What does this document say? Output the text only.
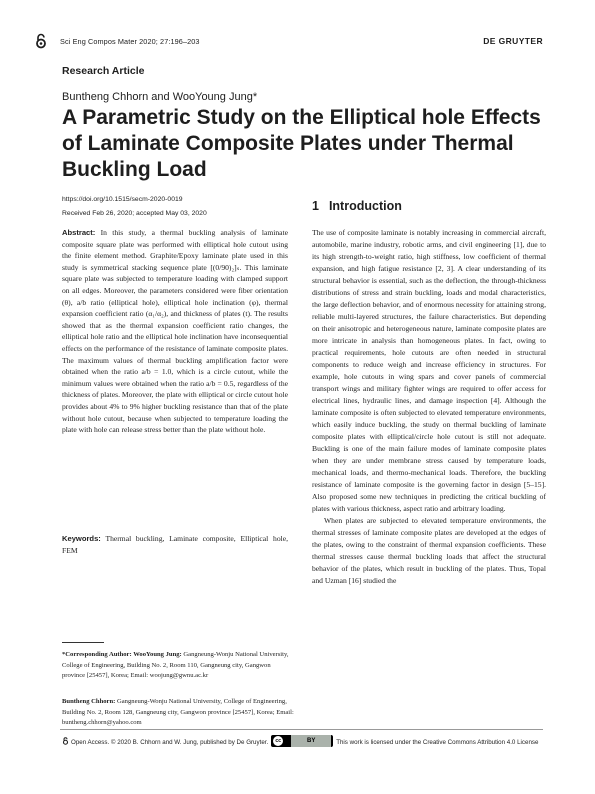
Sci Eng Compos Mater 2020; 27:196–203	DE GRUYTER
Research Article
Buntheng Chhorn and WooYoung Jung*
A Parametric Study on the Elliptical hole Effects of Laminate Composite Plates under Thermal Buckling Load
https://doi.org/10.1515/secm-2020-0019
Received Feb 26, 2020; accepted May 03, 2020

Abstract: In this study, a thermal buckling analysis of laminate composite square plate was performed with elliptical hole cutout using the finite element method. Graphite/Epoxy laminate plate used in this study is symmetrical stacking sequence plate [(0/90)₂]ₛ. This laminate square plate was subjected to temperature loading with clamped support on all edges. Moreover, the parameters considered were fiber orientation (θ), a/b ratio (elliptical hole), elliptical hole inclination (φ), thermal expansion coefficient ratio (α₁/α₂), and thickness of plates (t). The results showed that as the thermal expansion coefficient ratio changes, the elliptical hole ratio and the elliptical hole inclination have inconsequential effects on the performance of the resistance of laminate composite plates. The maximum values of thermal buckling amplification factor were obtained when the ratio a/b = 1.0, which is a circle cutout, while the minimum values were obtained when the ratio a/b = 0.5, regardless of the thickness of plates. Moreover, the plate with elliptical or circle cutout hole provides about 4% to 9% higher buckling resistance than that of the plate without hole cutout, because when subjected to temperature loading the plate with hole can release stress better than the plate without hole.

Keywords: Thermal buckling, Laminate composite, Elliptical hole, FEM

*Corresponding Author: WooYoung Jung: Gangneung-Wonju National University, College of Engineering, Building No. 2, Room 110, Gangneung city, Gangwon province [25457], Korea; Email: woojung@gwnu.ac.kr

Buntheng Chhorn: Gangneung-Wonju National University, College of Engineering, Building No. 2, Room 128, Gangneung city, Gangwon province [25457], Korea; Email: buntheng.chhorn@yahoo.com

1 Introduction

The use of composite laminate is notably increasing in commercial aircraft, automobile, marine industry, robotic arms, and civil engineering [1], due to its high strength-to-weight ratio, high stiffness, low coefficient of thermal expansion, and high fatigue resistance [2, 3]. A clear understanding of its structural behavior is essential, such as the deflection, the through-thickness distributions of stress and strain buckling, loads and modal characteristics, the large deflection behavior, and of enormous necessity for attaining strong, reliable multi-layered structures, the failure characteristics. But depending on their anisotropic and heterogeneous nature, laminate composite plates are more intricate in analysis than homogeneous plates. In fact, owing to practical requirements, hole cutouts are often needed in structural components to reduce weigh and increase efficiency in structures. For example, hole cutouts in wing spars and cover panels of commercial transport wings and military fighter wings are required to offer access for electrical lines, hydraulic lines, and damage inspection [4]. Although the laminate composite is often subjected to elevated temperature environments, which easily induce buckling, the study on thermal buckling of laminate composite plates with elliptical/circle hole cutout is still not adequate. Buckling is one of the main failure modes of laminate composite plates when they are under membrane stress caused by temperature loads, mechanical loads, and thermo-mechanical loads. Therefore, the buckling resistance of laminate composite is the governing factor in design [5–15]. Also proposed some new techniques in predicting the critical buckling of plates with various thickness, aspect ratio and arbitrary loading.

When plates are subjected to elevated temperature environments, the thermal stresses of laminate composite plates are developed at the edges of the plates, owing to the constraint of thermal expansion coefficients. These thermal stresses cause thermal buckling loads that affect the structural behavior of the plates, which result in buckling of the plates. Thus, Topal and Uzman [16] studied the

Open Access. © 2020 B. Chhorn and W. Jung, published by De Gruyter.	cc	BY	This work is licensed under the Creative Commons Attribution 4.0 License
